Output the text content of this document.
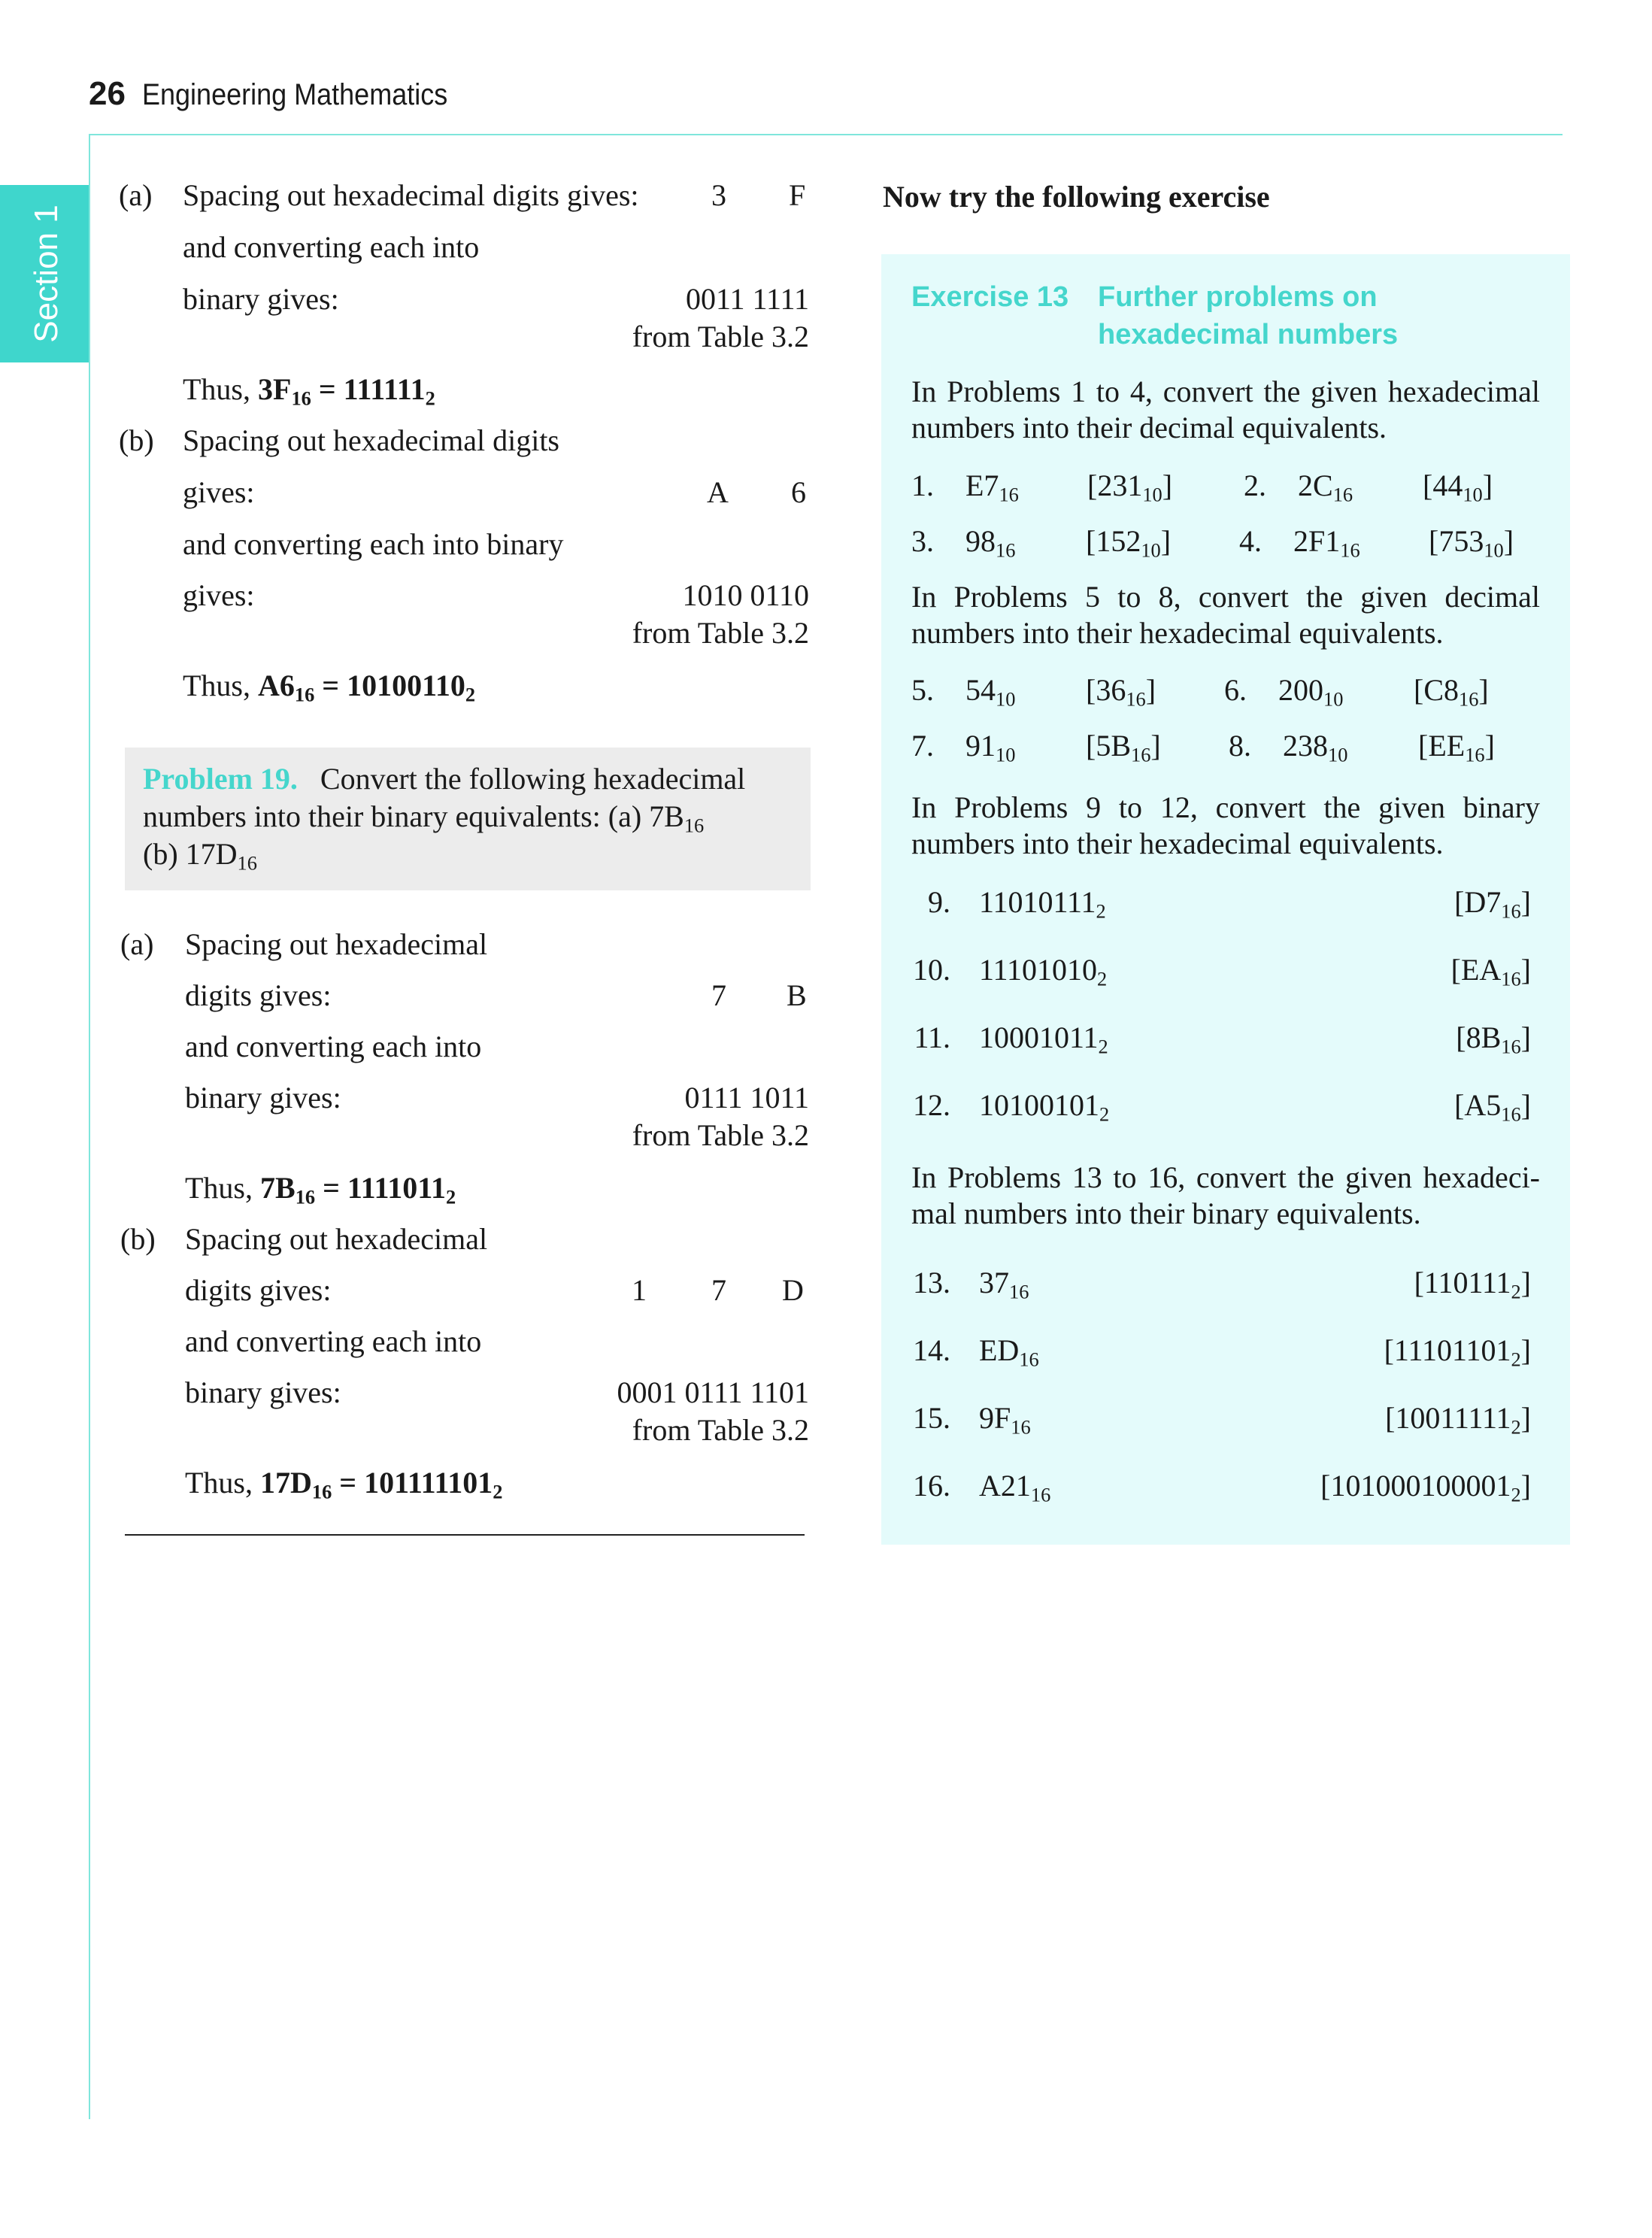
26 Engineering Mathematics
Section 1
(a) Spacing out hexadecimal digits gives: 3 F
and converting each into
binary gives:	0011 1111
from Table 3.2
Thus, $3F_{16} = 111111_2$
(b) Spacing out hexadecimal digits
gives:	A 6
and converting each into binary
gives:	1010 0110
from Table 3.2
Thus, $A6_{16} = 10100110_2$
Problem 19. Convert the following hexadecimal
numbers into their binary equivalents: (a) $7B_{16}$
(b) $17D_{16}$
(a) Spacing out hexadecimal
digits gives:	7 B
and converting each into
binary gives:	0111 1011
from Table 3.2
Thus, $7B_{16} = 1111011_2$
(b) Spacing out hexadecimal
digits gives:	1 7 D
and converting each into
binary gives:	0001 0111 1101
from Table 3.2
Thus, $17D_{16} = 101111101_2$
Now try the following exercise
Exercise 13 Further problems on
hexadecimal numbers
In Problems 1 to 4, convert the given hexadecimal numbers into their decimal equivalents.
1. $E7_{16}$ $[231_{10}]$ 2. $2C_{16}$ $[44_{10}]$
3. $98_{16}$ $[152_{10}]$ 4. $2F1_{16}$ $[753_{10}]$
In Problems 5 to 8, convert the given decimal numbers into their hexadecimal equivalents.
5. $54_{10}$ $[36_{16}]$ 6. $200_{10}$ $[C8_{16}]$
7. $91_{10}$ $[5B_{16}]$ 8. $238_{10}$ $[EE_{16}]$
In Problems 9 to 12, convert the given binary numbers into their hexadecimal equivalents.
9. $11010111_2$	$[D7_{16}]$
10. $11101010_2$	$[EA_{16}]$
11. $10001011_2$	$[8B_{16}]$
12. $10100101_2$	$[A5_{16}]$
In Problems 13 to 16, convert the given hexadeci-mal numbers into their binary equivalents.
13. $37_{16}$	$[110111_2]$
14. $ED_{16}$	$[11101101_2]$
15. $9F_{16}$	$[10011111_2]$
16. $A21_{16}$	$[101000100001_2]$
